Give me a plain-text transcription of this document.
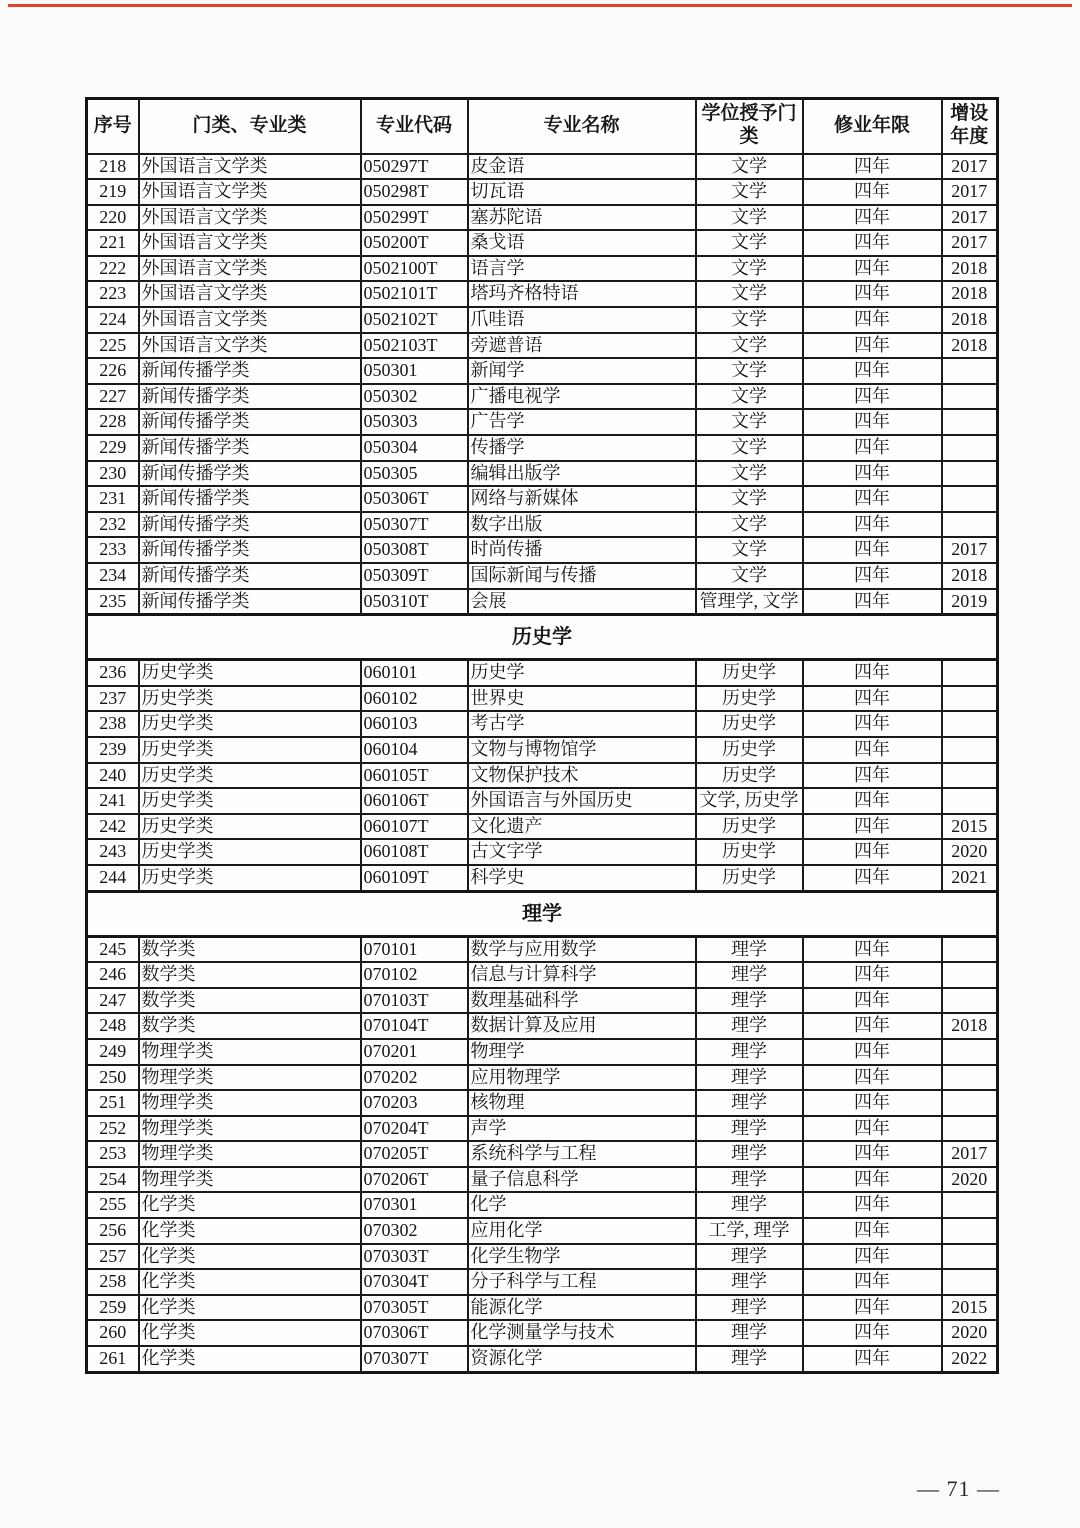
序号	门类、专业类	专业代码	专业名称	学位授予门类	修业年限	增设年度
218	外国语言文学类	050297T	皮金语	文学	四年	2017
219	外国语言文学类	050298T	切瓦语	文学	四年	2017
220	外国语言文学类	050299T	塞苏陀语	文学	四年	2017
221	外国语言文学类	050200T	桑戈语	文学	四年	2017
222	外国语言文学类	0502100T	语言学	文学	四年	2018
223	外国语言文学类	0502101T	塔玛齐格特语	文学	四年	2018
224	外国语言文学类	0502102T	爪哇语	文学	四年	2018
225	外国语言文学类	0502103T	旁遮普语	文学	四年	2018
226	新闻传播学类	050301	新闻学	文学	四年	
227	新闻传播学类	050302	广播电视学	文学	四年	
228	新闻传播学类	050303	广告学	文学	四年	
229	新闻传播学类	050304	传播学	文学	四年	
230	新闻传播学类	050305	编辑出版学	文学	四年	
231	新闻传播学类	050306T	网络与新媒体	文学	四年	
232	新闻传播学类	050307T	数字出版	文学	四年	
233	新闻传播学类	050308T	时尚传播	文学	四年	2017
234	新闻传播学类	050309T	国际新闻与传播	文学	四年	2018
235	新闻传播学类	050310T	会展	管理学, 文学	四年	2019
历史学						
236	历史学类	060101	历史学	历史学	四年	
237	历史学类	060102	世界史	历史学	四年	
238	历史学类	060103	考古学	历史学	四年	
239	历史学类	060104	文物与博物馆学	历史学	四年	
240	历史学类	060105T	文物保护技术	历史学	四年	
241	历史学类	060106T	外国语言与外国历史	文学, 历史学	四年	
242	历史学类	060107T	文化遗产	历史学	四年	2015
243	历史学类	060108T	古文字学	历史学	四年	2020
244	历史学类	060109T	科学史	历史学	四年	2021
理学						
245	数学类	070101	数学与应用数学	理学	四年	
246	数学类	070102	信息与计算科学	理学	四年	
247	数学类	070103T	数理基础科学	理学	四年	
248	数学类	070104T	数据计算及应用	理学	四年	2018
249	物理学类	070201	物理学	理学	四年	
250	物理学类	070202	应用物理学	理学	四年	
251	物理学类	070203	核物理	理学	四年	
252	物理学类	070204T	声学	理学	四年	
253	物理学类	070205T	系统科学与工程	理学	四年	2017
254	物理学类	070206T	量子信息科学	理学	四年	2020
255	化学类	070301	化学	理学	四年	
256	化学类	070302	应用化学	工学, 理学	四年	
257	化学类	070303T	化学生物学	理学	四年	
258	化学类	070304T	分子科学与工程	理学	四年	
259	化学类	070305T	能源化学	理学	四年	2015
260	化学类	070306T	化学测量学与技术	理学	四年	2020
261	化学类	070307T	资源化学	理学	四年	2022
— 71 —
